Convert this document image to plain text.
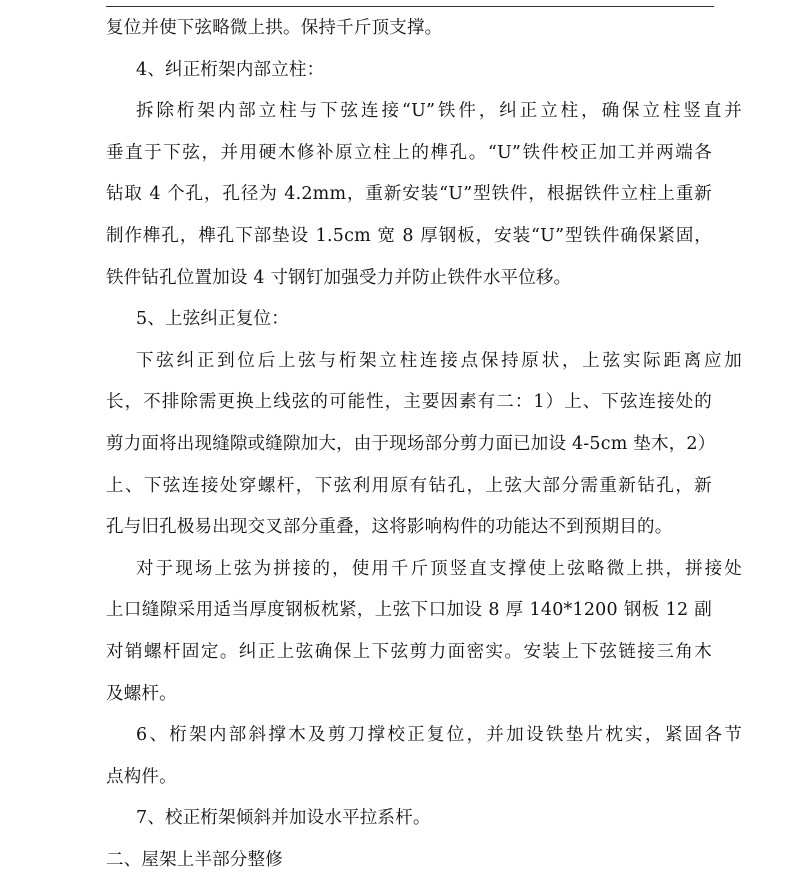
复位并使下弦略微上拱。保持千斤顶支撑。
4、纠正桁架内部立柱：
拆除桁架内部立柱与下弦连接“U”铁件，纠正立柱，确保立柱竖直并
垂直于下弦，并用硬木修补原立柱上的榫孔。“U”铁件校正加工并两端各
钻取 4 个孔，孔径为 4.2mm，重新安装“U”型铁件，根据铁件立柱上重新
制作榫孔，榫孔下部垫设 1.5cm 宽 8 厚钢板，安装“U”型铁件确保紧固，
铁件钻孔位置加设 4 寸钢钉加强受力并防止铁件水平位移。
5、上弦纠正复位：
下弦纠正到位后上弦与桁架立柱连接点保持原状，上弦实际距离应加
长，不排除需更换上线弦的可能性，主要因素有二：1）上、下弦连接处的
剪力面将出现缝隙或缝隙加大，由于现场部分剪力面已加设 4-5cm 垫木，2）
上、下弦连接处穿螺杆，下弦利用原有钻孔，上弦大部分需重新钻孔，新
孔与旧孔极易出现交叉部分重叠，这将影响构件的功能达不到预期目的。
对于现场上弦为拼接的，使用千斤顶竖直支撑使上弦略微上拱，拼接处
上口缝隙采用适当厚度钢板枕紧，上弦下口加设 8 厚 140*1200 钢板 12 副
对销螺杆固定。纠正上弦确保上下弦剪力面密实。安装上下弦链接三角木
及螺杆。
6、桁架内部斜撑木及剪刀撑校正复位，并加设铁垫片枕实，紧固各节
点构件。
7、校正桁架倾斜并加设水平拉系杆。
二、屋架上半部分整修
